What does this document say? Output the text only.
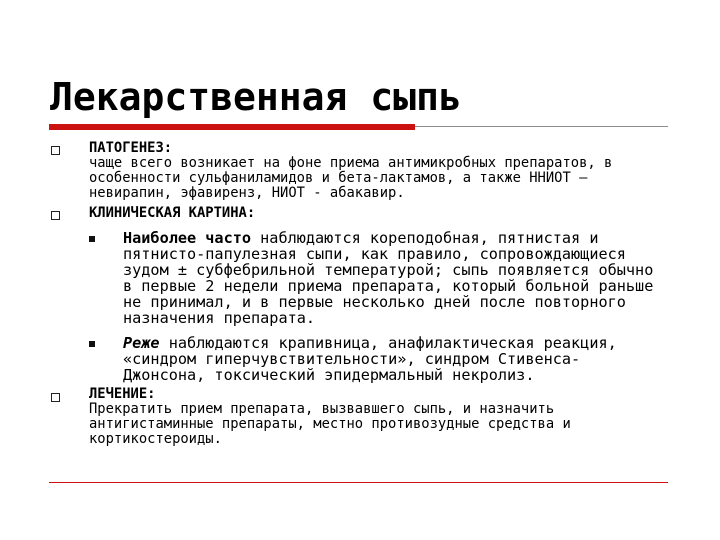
Лекарственная сыпь
ПАТОГЕНЕЗ:
чаще всего возникает на фоне приема антимикробных препаратов, в
особенности сульфаниламидов и бета-лактамов, а также ННИОТ –
невирапин, эфавиренз, НИОТ - абакавир.
КЛИНИЧЕСКАЯ КАРТИНА:
Наиболее часто наблюдаются кореподобная, пятнистая и
пятнисто-папулезная сыпи, как правило, сопровождающиеся
зудом ± субфебрильной температурой; сыпь появляется обычно
в первые 2 недели приема препарата, который больной раньше
не принимал, и в первые несколько дней после повторного
назначения препарата.
Реже наблюдаются крапивница, анафилактическая реакция,
«синдром гиперчувствительности», синдром Стивенса-
Джонсона, токсический эпидермальный некролиз.
ЛЕЧЕНИЕ:
Прекратить прием препарата, вызвавшего сыпь, и назначить
антигистаминные препараты, местно противозудные средства и
кортикостероиды.
